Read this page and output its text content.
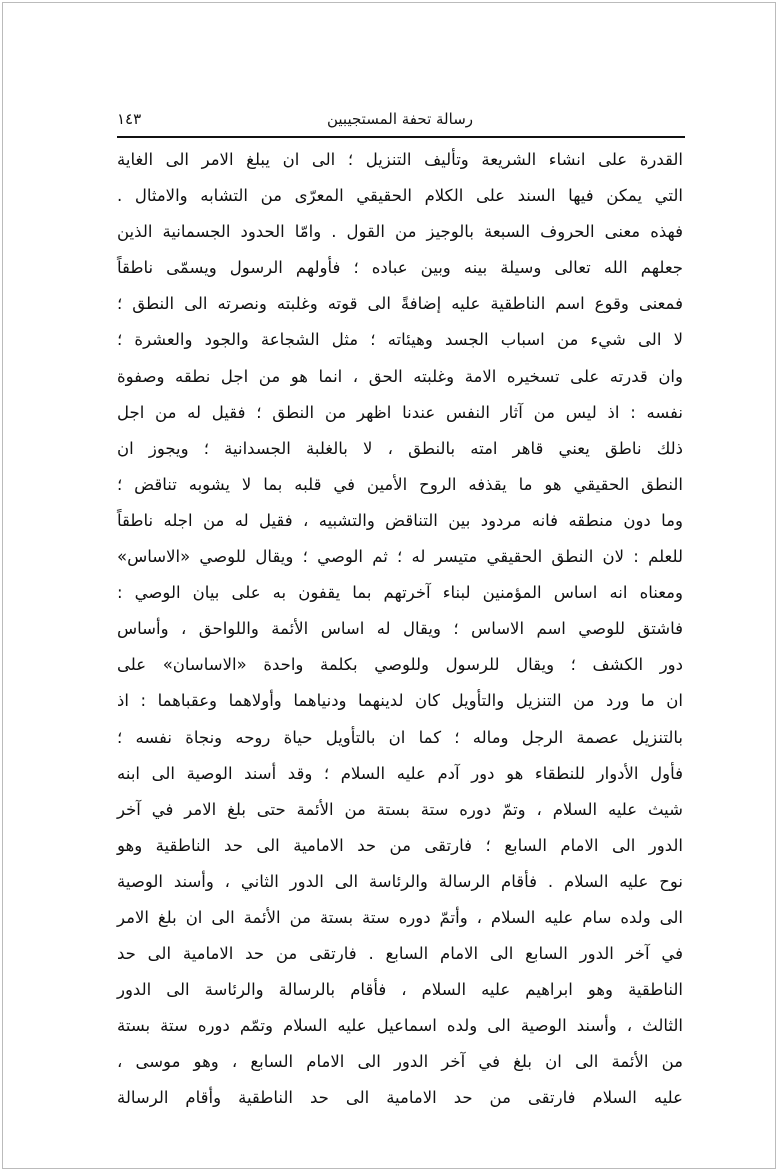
رسالة تحفة المستجيبين
١٤٣
القدرة على انشاء الشريعة وتأليف التنزيل ؛ الى ان يبلغ الامر الى الغاية
التي يمكن فيها السند على الكلام الحقيقي المعرّى من التشابه والامثال .
فهذه معنى الحروف السبعة بالوجيز من القول . وامّا الحدود الجسمانية الذين
جعلهم الله تعالى وسيلة بينه وبين عباده ؛ فأولهم الرسول ويسمّى ناطقاً
فمعنى وقوع اسم الناطقية عليه إضافةً الى قوته وغلبته ونصرته الى النطق ؛
لا الى شيء من اسباب الجسد وهيئاته ؛ مثل الشجاعة والجود والعشرة ؛
وان قدرته على تسخيره الامة وغلبته الحق ، انما هو من اجل نطقه وصفوة
نفسه : اذ ليس من آثار النفس عندنا اظهر من النطق ؛ فقيل له من اجل
ذلك ناطق يعني قاهر امته بالنطق ، لا بالغلبة الجسدانية ؛ ويجوز ان
النطق الحقيقي هو ما يقذفه الروح الأمين في قلبه بما لا يشوبه تناقض ؛
وما دون منطقه فانه مردود بين التناقض والتشبيه ، فقيل له من اجله ناطقاً
للعلم : لان النطق الحقيقي متيسر له ؛ ثم الوصي ؛ ويقال للوصي «الاساس»
ومعناه انه اساس المؤمنين لبناء آخرتهم بما يقفون به على بيان الوصي :
فاشتق للوصي اسم الاساس ؛ ويقال له اساس الأئمة واللواحق ، وأساس
دور الكشف ؛ ويقال للرسول وللوصي بكلمة واحدة «الاساسان» على
ان ما ورد من التنزيل والتأويل كان لدينهما ودنياهما وأولاهما وعقباهما : اذ
بالتنزيل عصمة الرجل وماله ؛ كما ان بالتأويل حياة روحه ونجاة نفسه ؛
فأول الأدوار للنطقاء هو دور آدم عليه السلام ؛ وقد أسند الوصية الى ابنه
شيث عليه السلام ، وتمّ دوره ستة بستة من الأئمة حتى بلغ الامر في آخر
الدور الى الامام السابع ؛ فارتقى من حد الامامية الى حد الناطقية وهو
نوح عليه السلام . فأقام الرسالة والرئاسة الى الدور الثاني ، وأسند الوصية
الى ولده سام عليه السلام ، وأتمّ دوره ستة بستة من الأئمة الى ان بلغ الامر
في آخر الدور السابع الى الامام السابع . فارتقى من حد الامامية الى حد
الناطقية وهو ابراهيم عليه السلام ، فأقام بالرسالة والرئاسة الى الدور
الثالث ، وأسند الوصية الى ولده اسماعيل عليه السلام وتمّم دوره ستة بستة
من الأئمة الى ان بلغ في آخر الدور الى الامام السابع ، وهو موسى ،
عليه السلام فارتقى من حد الامامية الى حد الناطقية وأقام الرسالة
